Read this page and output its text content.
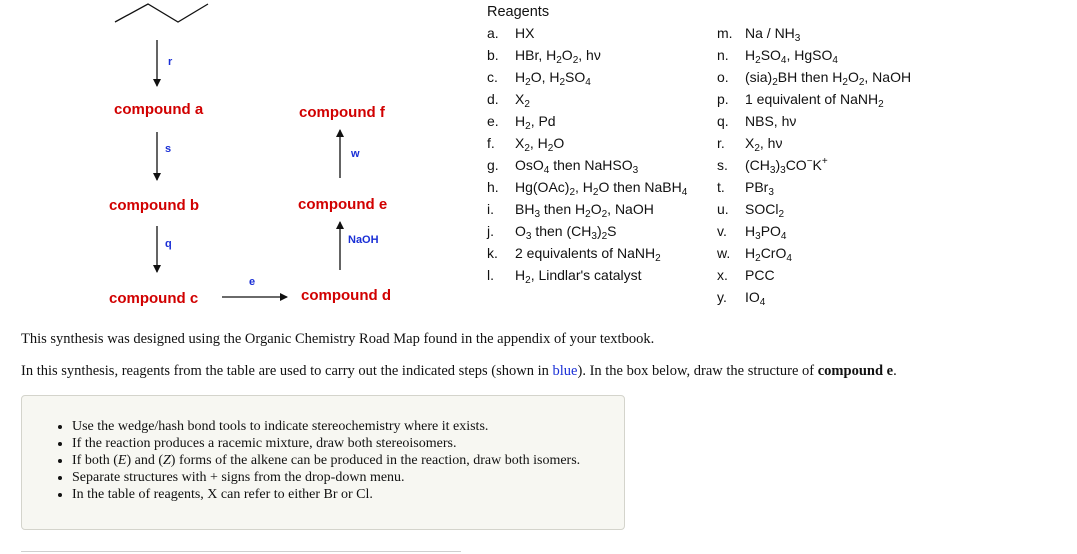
compound a
compound b
compound c	compound d
compound e
compound f
r
s
q
e
NaOH
w
Reagents
a. HX
b. HBr, $H_2O_2$, hν
c. $H_2O$, $H_2SO_4$
d. $X_2$
e. $H_2$, Pd
f. $X_2$, $H_2O$
g. OsO$_4$ then NaHSO$_3$
h. $Hg(OAc)_2$, $H_2O$ then NaBH$_4$
i. $BH_3$ then $H_2O_2$, NaOH
j. $O_3$ then $(CH_3)_2S$
k. 2 equivalents of NaNH$_2$
l. $H_2$, Lindlar's catalyst
m. Na / $NH_3$
n. $H_2SO_4$, HgSO$_4$
o. $(sia)_2BH$ then $H_2O_2$, NaOH
p. 1 equivalent of NaNH$_2$
q. NBS, hν
r. $X_2$, hν
s. $(CH_3)_3CO^-K^+$
t. PBr$_3$
u. SOCl$_2$
v. $H_3PO_4$
w. $H_2CrO_4$
x. PCC
y. $IO_4$
This synthesis was designed using the Organic Chemistry Road Map found in the appendix of your textbook.
In this synthesis, reagents from the table are used to carry out the indicated steps (shown in blue). In the box below, draw the structure of compound e.
• Use the wedge/hash bond tools to indicate stereochemistry where it exists.
• If the reaction produces a racemic mixture, draw both stereoisomers.
• If both (E) and (Z) forms of the alkene can be produced in the reaction, draw both isomers.
• Separate structures with + signs from the drop-down menu.
• In the table of reagents, X can refer to either Br or Cl.
